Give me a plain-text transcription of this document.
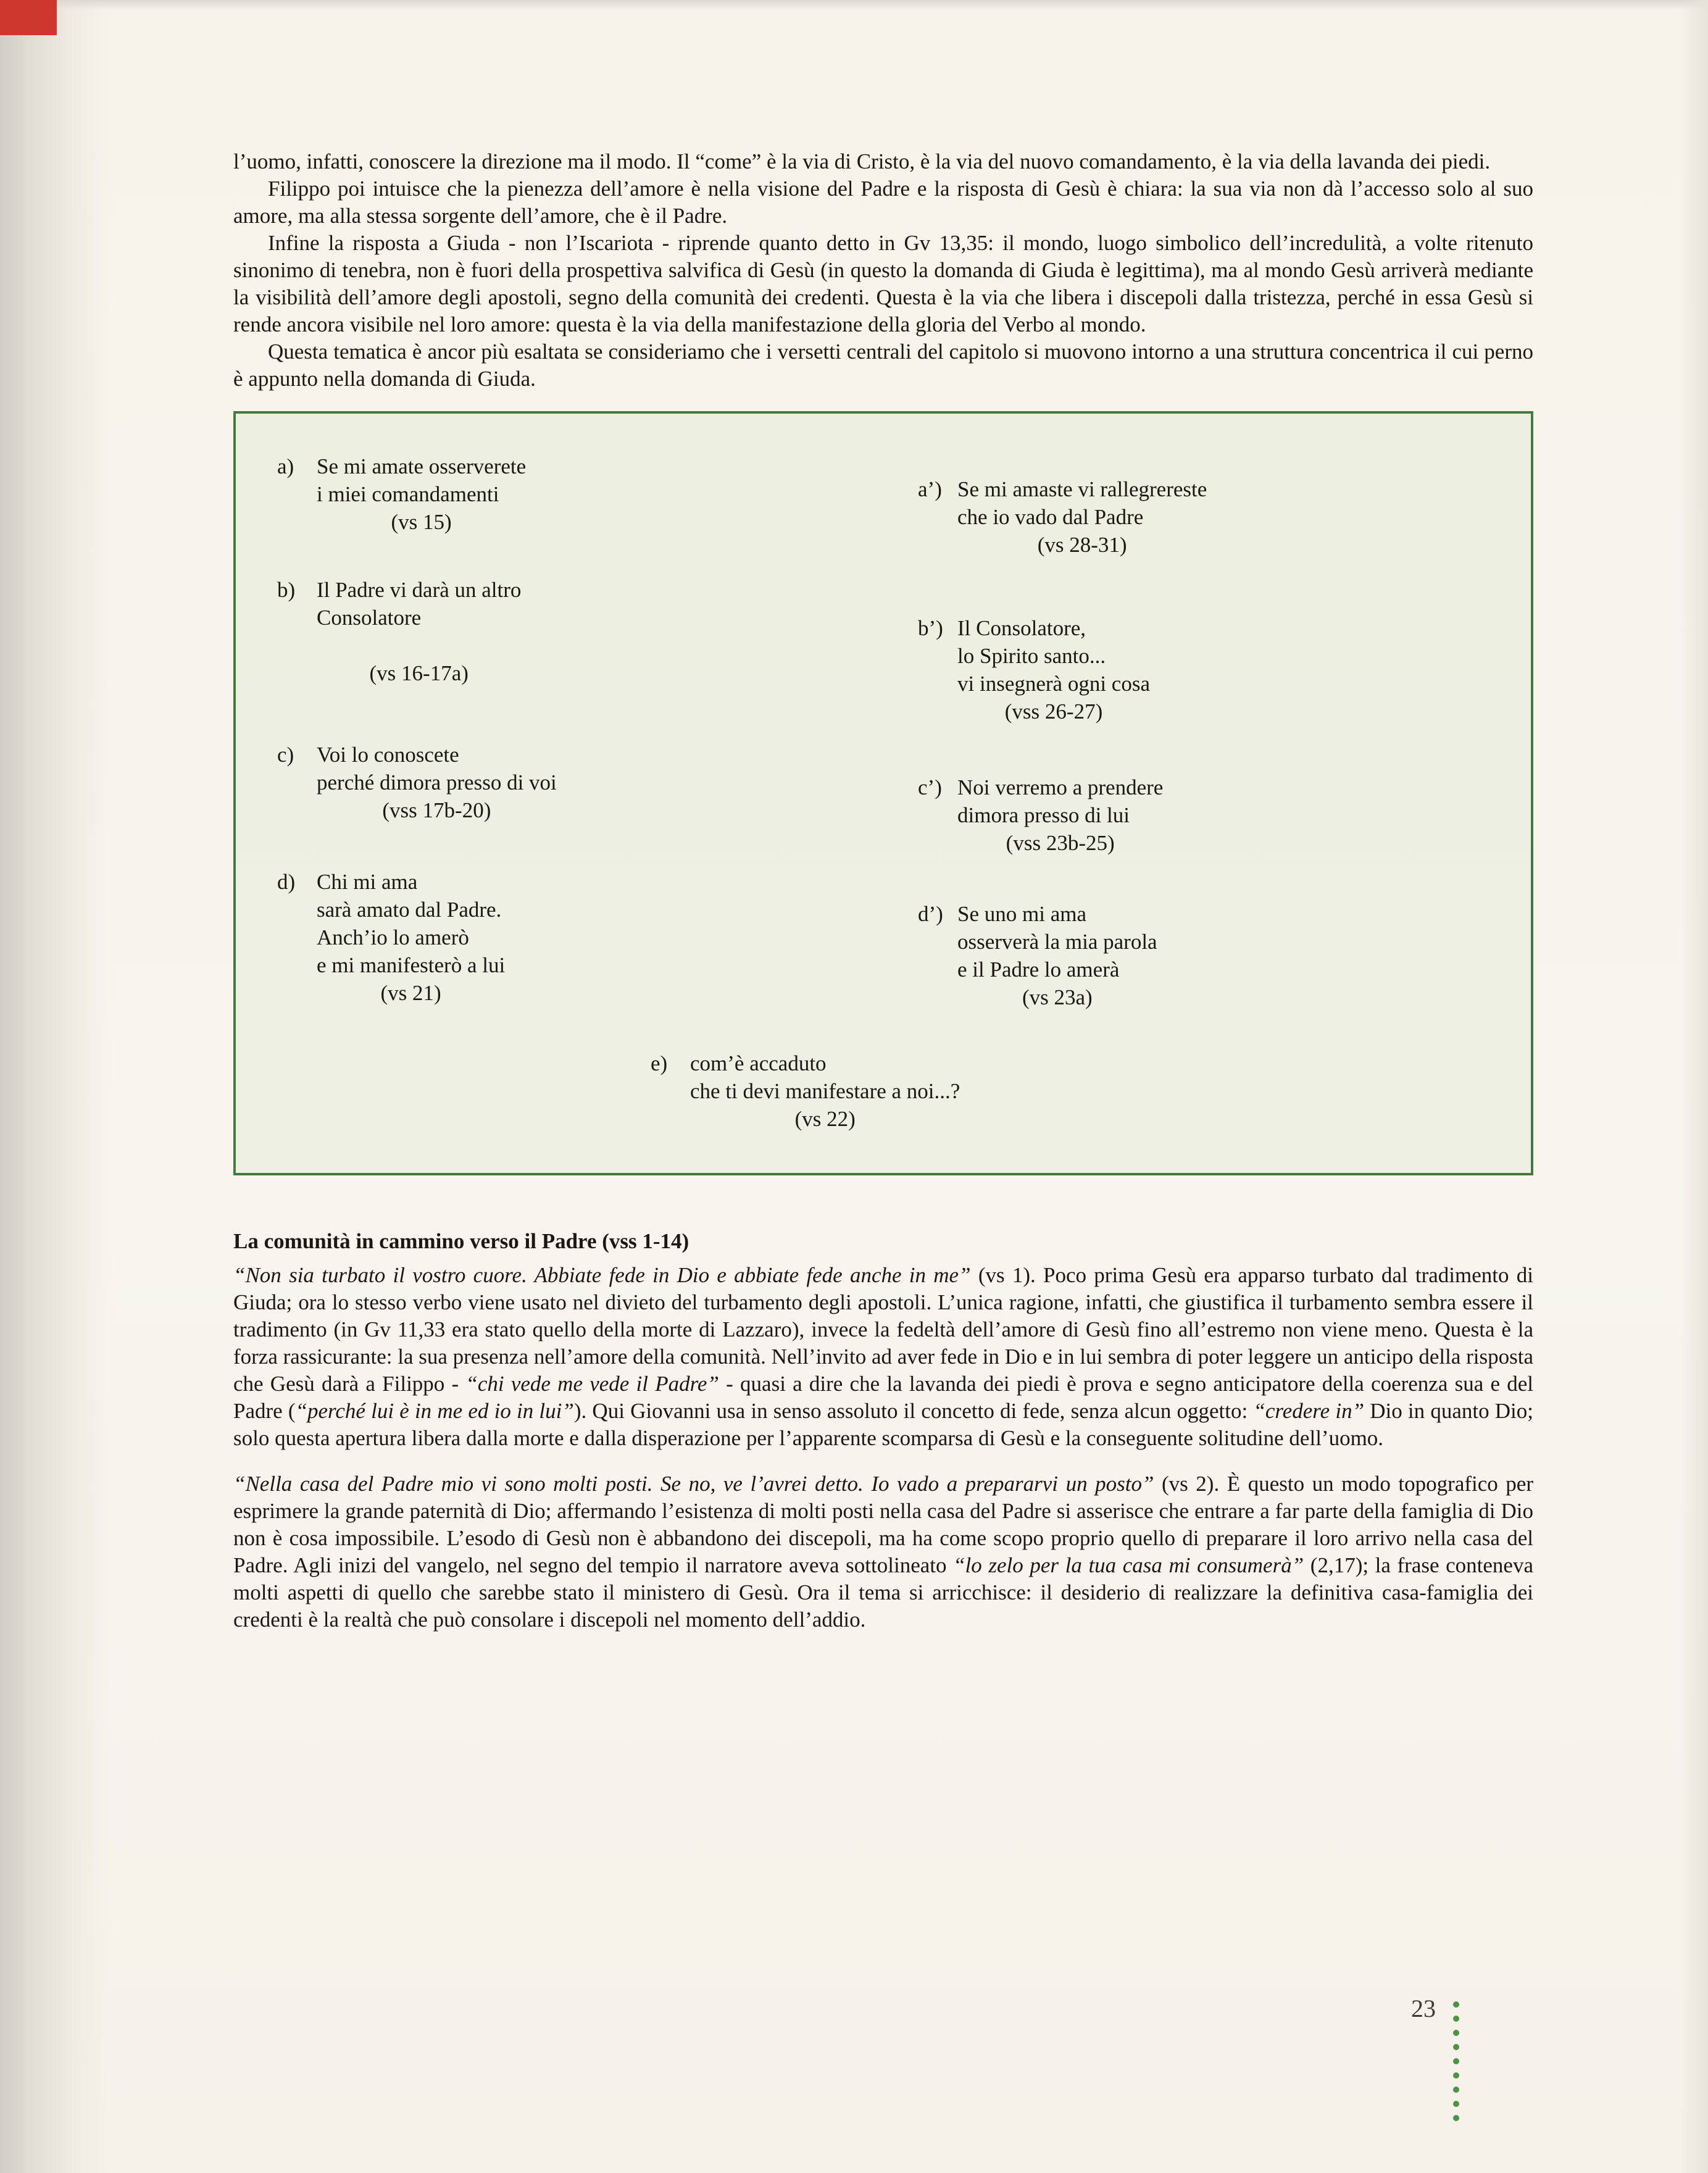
l’uomo, infatti, conoscere la direzione ma il modo. Il “come” è la via di Cristo, è la via del nuovo comandamento, è la via della lavanda dei piedi.

Filippo poi intuisce che la pienezza dell’amore è nella visione del Padre e la risposta di Gesù è chiara: la sua via non dà l’accesso solo al suo amore, ma alla stessa sorgente dell’amore, che è il Padre.

Infine la risposta a Giuda - non l’Iscariota - riprende quanto detto in Gv 13,35: il mondo, luogo simbolico dell’incredulità, a volte ritenuto sinonimo di tenebra, non è fuori della prospettiva salvifica di Gesù (in questo la domanda di Giuda è legittima), ma al mondo Gesù arriverà mediante la visibilità dell’amore degli apostoli, segno della comunità dei credenti. Questa è la via che libera i discepoli dalla tristezza, perché in essa Gesù si rende ancora visibile nel loro amore: questa è la via della manifestazione della gloria del Verbo al mondo.

Questa tematica è ancor più esaltata se consideriamo che i versetti centrali del capitolo si muovono intorno a una struttura concentrica il cui perno è appunto nella domanda di Giuda.

a)	Se mi amate osserverete
i miei comandamenti
(vs 15)
a’) Se mi amaste vi rallegrereste
che io vado dal Padre
(vs 28-31)
b) Il Padre vi darà un altro
Consolatore
(vs 16-17a)
b’) Il Consolatore,
lo Spirito santo...
vi insegnerà ogni cosa
(vss 26-27)
c)	Voi lo conoscete
perché dimora presso di voi
(vss 17b-20)
c’) Noi verremo a prendere
dimora presso di lui
(vss 23b-25)
d) Chi mi ama
sarà amato dal Padre.
Anch’io lo amerò
e mi manifesterò a lui
(vs 21)
d’) Se uno mi ama
osserverà la mia parola
e il Padre lo amerà
(vs 23a)
e)	com’è accaduto
che ti devi manifestare a noi...?
(vs 22)
La comunità in cammino verso il Padre (vss 1-14)

“Non sia turbato il vostro cuore. Abbiate fede in Dio e abbiate fede anche in me” (vs 1). Poco prima Gesù era apparso turbato dal tradimento di Giuda; ora lo stesso verbo viene usato nel divieto del turbamento degli apostoli. L’unica ragione, infatti, che giustifica il turbamento sembra essere il tradimento (in Gv 11,33 era stato quello della morte di Lazzaro), invece la fedeltà dell’amore di Gesù fino all’estremo non viene meno. Questa è la forza rassicurante: la sua presenza nell’amore della comunità. Nell’invito ad aver fede in Dio e in lui sembra di poter leggere un anticipo della risposta che Gesù darà a Filippo - “chi vede me vede il Padre” - quasi a dire che la lavanda dei piedi è prova e segno anticipatore della coerenza sua e del Padre (“perché lui è in me ed io in lui”). Qui Giovanni usa in senso assoluto il concetto di fede, senza alcun oggetto: “credere in” Dio in quanto Dio; solo questa apertura libera dalla morte e dalla disperazione per l’apparente scomparsa di Gesù e la conseguente solitudine dell’uomo.

“Nella casa del Padre mio vi sono molti posti. Se no, ve l’avrei detto. Io vado a prepararvi un posto” (vs 2). È questo un modo topografico per esprimere la grande paternità di Dio; affermando l’esistenza di molti posti nella casa del Padre si asserisce che entrare a far parte della famiglia di Dio non è cosa impossibile. L’esodo di Gesù non è abbandono dei discepoli, ma ha come scopo proprio quello di preparare il loro arrivo nella casa del Padre. Agli inizi del vangelo, nel segno del tempio il narratore aveva sottolineato “lo zelo per la tua casa mi consumerà” (2,17); la frase conteneva molti aspetti di quello che sarebbe stato il ministero di Gesù. Ora il tema si arricchisce: il desiderio di realizzare la definitiva casa-famiglia dei credenti è la realtà che può consolare i discepoli nel momento dell’addio.

23
